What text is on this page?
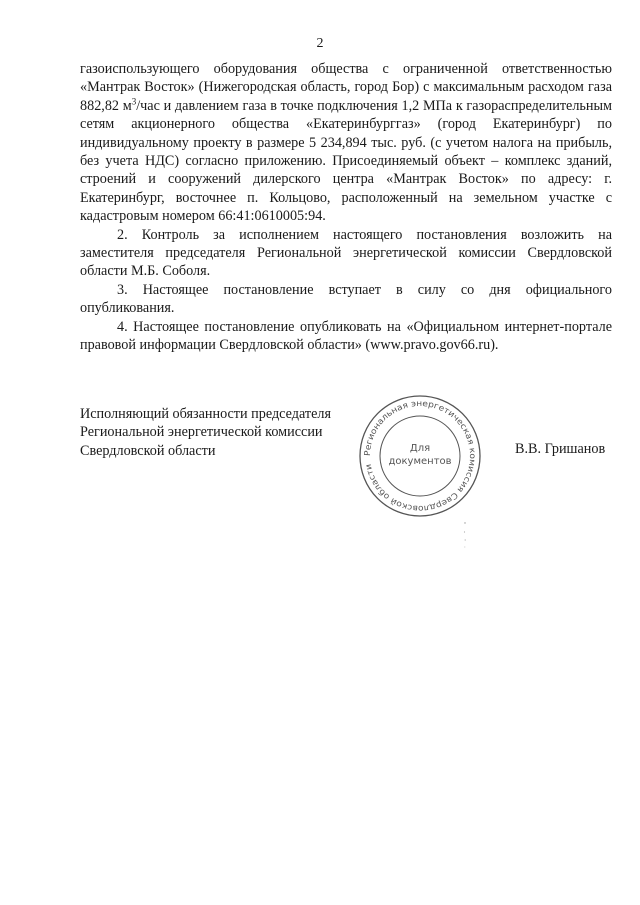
2

газоиспользующего оборудования общества с ограниченной ответственностью «Мантрак Восток» (Нижегородская область, город Бор) с максимальным расходом газа 882,82 $м^3$/час и давлением газа в точке подключения 1,2 МПа к газораспределительным сетям акционерного общества «Екатеринбурггаз» (город Екатеринбург) по индивидуальному проекту в размере 5 234,894 тыс. руб. (с учетом налога на прибыль, без учета НДС) согласно приложению. Присоединяемый объект – комплекс зданий, строений и сооружений дилерского центра «Мантрак Восток» по адресу: г. Екатеринбург, восточнее п. Кольцово, расположенный на земельном участке с кадастровым номером 66:41:0610005:94.

2. Контроль за исполнением настоящего постановления возложить на заместителя председателя Региональной энергетической комиссии Свердловской области М.Б. Соболя.

3. Настоящее постановление вступает в силу со дня официального опубликования.

4. Настоящее постановление опубликовать на «Официальном интернет-портале правовой информации Свердловской области» (www.pravo.gov66.ru).

Исполняющий обязанности председателя
Региональной энергетической комиссии
Свердловской области	Региональная энергетическая комиссия Свердловской области
Для
документов
В.В. Гришанов
